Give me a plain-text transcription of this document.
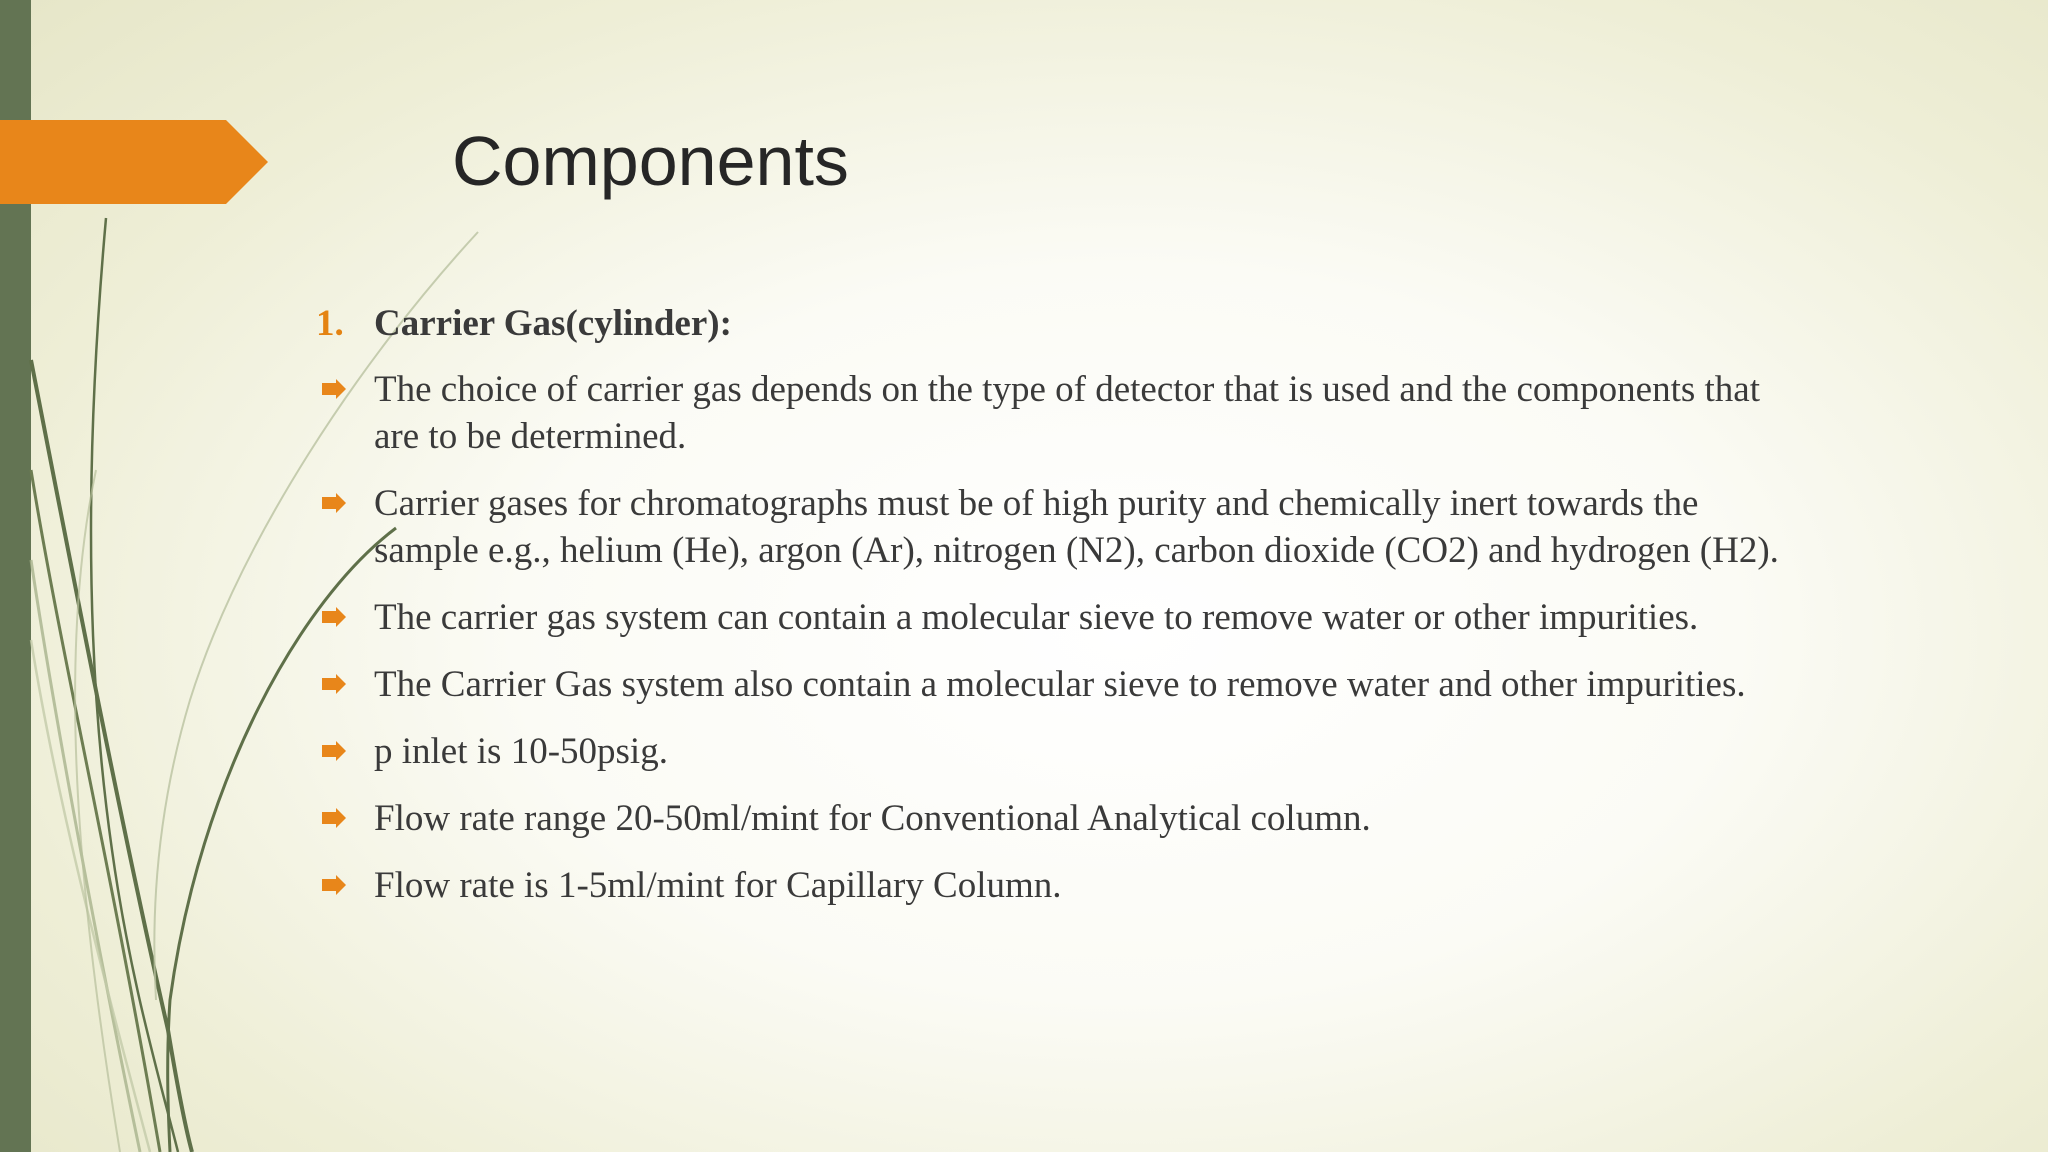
Components
1. Carrier Gas(cylinder):
The choice of carrier gas depends on the type of detector that is used and the components that are to be determined.
Carrier gases for chromatographs must be of high purity and chemically inert towards the sample e.g., helium (He), argon (Ar), nitrogen (N2), carbon dioxide (CO2) and hydrogen (H2).
The carrier gas system can contain a molecular sieve to remove water or other impurities.
The Carrier Gas system also contain a molecular sieve to remove water and other impurities.
p inlet is 10-50psig.
Flow rate range 20-50ml/mint for Conventional Analytical column.
Flow rate is 1-5ml/mint for Capillary Column.
